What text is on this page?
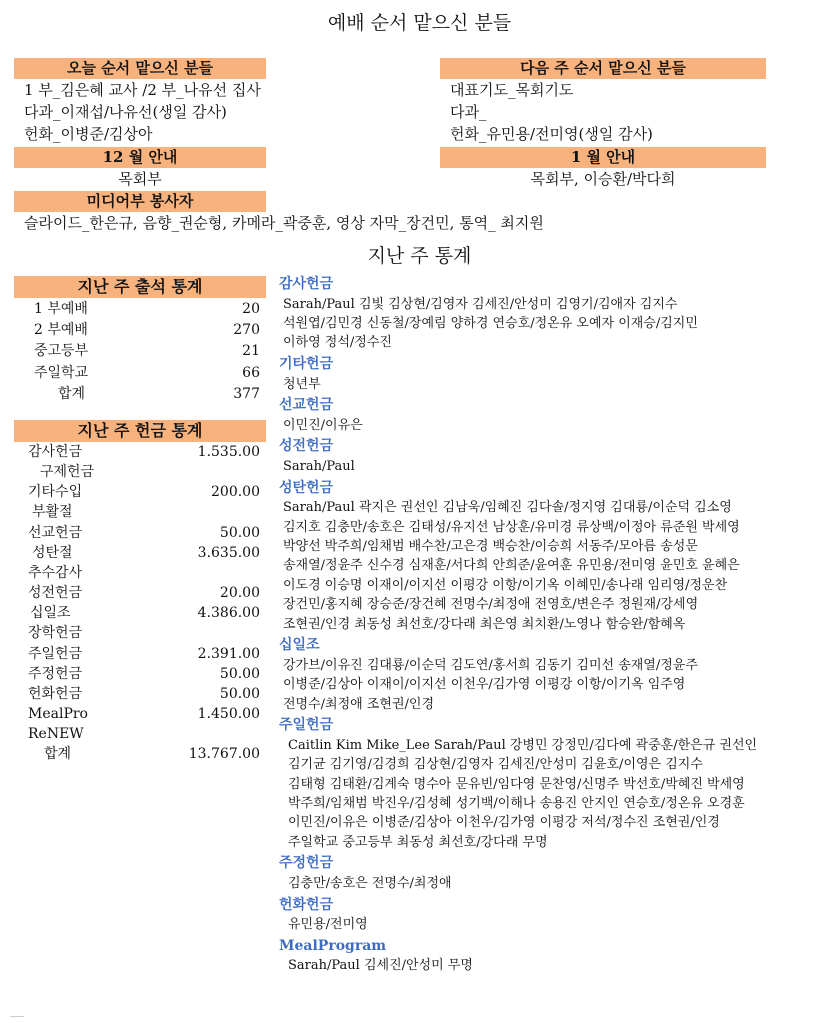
예배 순서 맡으신 분들
오늘 순서 맡으신 분들
1 부_김은혜 교사 /2 부_나유선 집사
다과_이재섭/나유선(생일 감사)
헌화_이병준/김상아
12 월 안내
목회부
미디어부 봉사자
슬라이드_한은규, 음향_권순형, 카메라_곽중훈, 영상 자막_장건민, 통역_ 최지원
다음 주 순서 맡으신 분들
대표기도_목회기도
다과_
헌화_유민용/전미영(생일 감사)
1 월 안내
목회부, 이승환/박다희
지난 주 통계
지난 주 출석 통계
1 부예배	20
2 부예배	270
중고등부	21
주일학교	66
합계	377
지난 주 헌금 통계
감사헌금	1.535.00
구제헌금
기타수입	200.00
부활절
선교헌금	50.00
성탄절	3.635.00
추수감사
성전헌금	20.00
십일조	4.386.00
장학헌금
주일헌금	2.391.00
주정헌금	50.00
헌화헌금	50.00
MealPro	1.450.00
ReNEW
합계	13.767.00
감사헌금
Sarah/Paul 김빛 김상현/김영자 김세진/안성미 김영기/김애자 김지수
석원엽/김민경 신동철/장예림 양하경 연승호/정온유 오예자 이재승/김지민
이하영 정석/정수진
기타헌금
청년부
선교헌금
이민진/이유은
성전헌금
Sarah/Paul
성탄헌금
Sarah/Paul 곽지은 권선인 김남욱/임혜진 김다솔/정지영 김대룡/이순덕 김소영
김지호 김충만/송호은 김태성/유지선 남상훈/유미경 류상백/이정아 류준원 박세영
박양선 박주희/임채범 배수찬/고은경 백승찬/이승희 서동주/모아름 송성문
송재열/정윤주 신수경 심재훈/서다희 안희준/윤여훈 유민용/전미영 윤민호 윤혜은
이도경 이승명 이재이/이지선 이평강 이항/이기옥 이혜민/송나래 임리영/정운찬
장건민/홍지혜 장승준/장건혜 전명수/최정애 전영호/변은주 정원재/강세영
조현권/인경 최동성 최선호/강다래 최은영 최치환/노영나 함승완/함혜옥
십일조
강가브/이유진 김대룡/이순덕 김도연/홍서희 김동기 김미선 송재열/정윤주
이병준/김상아 이재이/이지선 이천우/김가영 이평강 이항/이기옥 임주영
전명수/최정애 조현권/인경
주일헌금
Caitlin Kim Mike_Lee Sarah/Paul 강병민 강정민/김다예 곽중훈/한은규 권선인
김기균 김기영/김경희 김상현/김영자 김세진/안성미 김윤호/이영은 김지수
김태형 김태환/김계숙 명수아 문유빈/임다영 문찬영/신명주 박선호/박혜진 박세영
박주희/임채범 박진우/김성혜 성기백/이해나 송용진 안지인 연승호/정온유 오경훈
이민진/이유은 이병준/김상아 이천우/김가영 이평강 저석/정수진 조현권/인경
주일학교 중고등부 최동성 최선호/강다래 무명
주정헌금
김충만/송호은 전명수/최정애
헌화헌금
유민용/전미영
MealProgram
Sarah/Paul 김세진/안성미 무명
